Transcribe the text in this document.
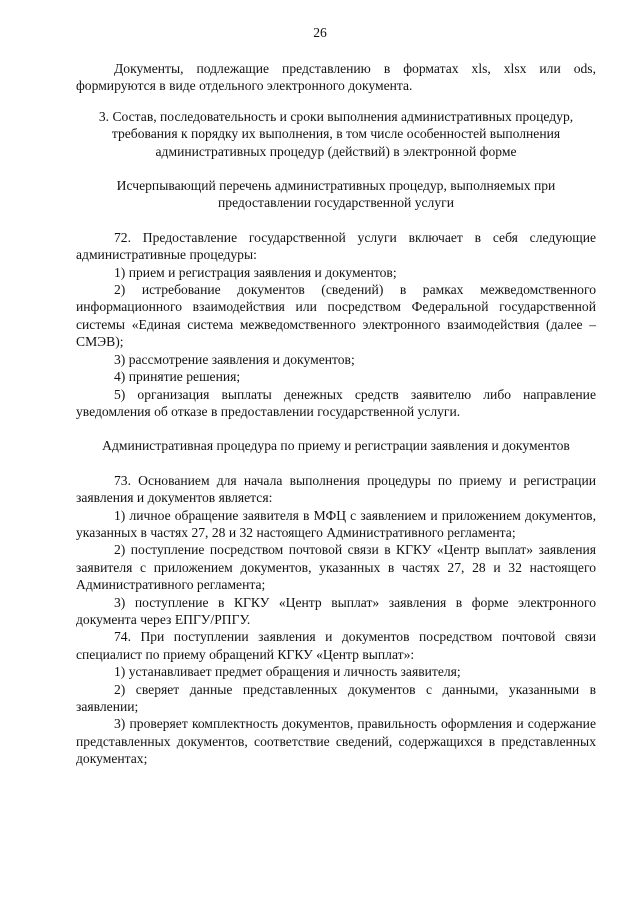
26

Документы, подлежащие представлению в форматах xls, xlsx или ods, формируются в виде отдельного электронного документа.

3. Состав, последовательность и сроки выполнения административных процедур, требования к порядку их выполнения, в том числе особенностей выполнения административных процедур (действий) в электронной форме

Исчерпывающий перечень административных процедур, выполняемых при предоставлении государственной услуги

72. Предоставление государственной услуги включает в себя следующие административные процедуры:

1) прием и регистрация заявления и документов;

2) истребование документов (сведений) в рамках межведомственного информационного взаимодействия или посредством Федеральной государственной системы «Единая система межведомственного электронного взаимодействия (далее – СМЭВ);

3) рассмотрение заявления и документов;

4) принятие решения;

5) организация выплаты денежных средств заявителю либо направление уведомления об отказе в предоставлении государственной услуги.

Административная процедура по приему и регистрации заявления и документов

73. Основанием для начала выполнения процедуры по приему и регистрации заявления и документов является:

1) личное обращение заявителя в МФЦ с заявлением и приложением документов, указанных в частях 27, 28 и 32 настоящего Административного регламента;

2) поступление посредством почтовой связи в КГКУ «Центр выплат» заявления заявителя с приложением документов, указанных в частях 27, 28 и 32 настоящего Административного регламента;

3) поступление в КГКУ «Центр выплат» заявления в форме электронного документа через ЕПГУ/РПГУ.

74. При поступлении заявления и документов посредством почтовой связи специалист по приему обращений КГКУ «Центр выплат»:

1) устанавливает предмет обращения и личность заявителя;

2) сверяет данные представленных документов с данными, указанными в заявлении;

3) проверяет комплектность документов, правильность оформления и содержание представленных документов, соответствие сведений, содержащихся в представленных документах;
